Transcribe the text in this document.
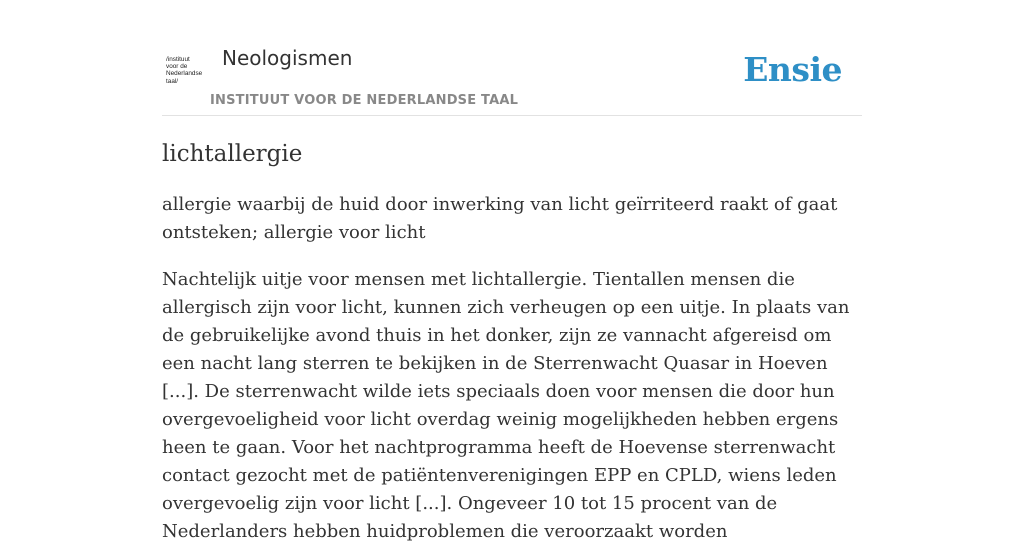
/instituut
voor de
Nederlandse
taal/
Neologismen
INSTITUUT VOOR DE NEDERLANDSE TAAL
Ensie
lichtallergie

allergie waarbij de huid door inwerking van licht geïrriteerd raakt of gaat ontsteken; allergie voor licht

Nachtelijk uitje voor mensen met lichtallergie. Tientallen mensen die allergisch zijn voor licht, kunnen zich verheugen op een uitje. In plaats van de gebruikelijke avond thuis in het donker, zijn ze vannacht afgereisd om een nacht lang sterren te bekijken in de Sterrenwacht Quasar in Hoeven [...]. De sterrenwacht wilde iets speciaals doen voor mensen die door hun overgevoeligheid voor licht overdag weinig mogelijkheden hebben ergens heen te gaan. Voor het nachtprogramma heeft de Hoevense sterrenwacht contact gezocht met de patiëntenverenigingen EPP en CPLD, wiens leden overgevoelig zijn voor licht [...]. Ongeveer 10 tot 15 procent van de Nederlanders hebben huidproblemen die veroorzaakt worden
